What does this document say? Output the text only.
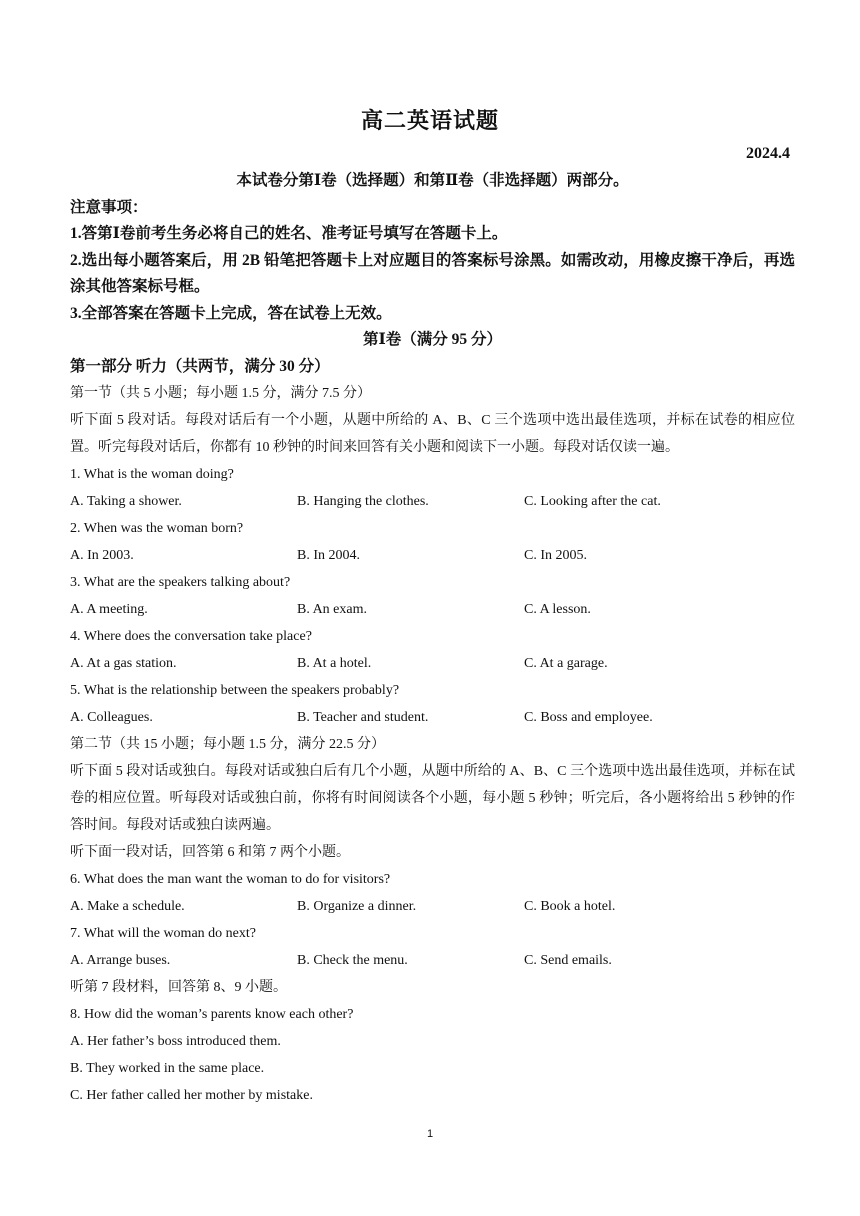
高二英语试题
2024.4
本试卷分第Ⅰ卷（选择题）和第Ⅱ卷（非选择题）两部分。
注意事项：
1.答第Ⅰ卷前考生务必将自己的姓名、准考证号填写在答题卡上。
2.选出每小题答案后，用 2B 铅笔把答题卡上对应题目的答案标号涂黑。如需改动，用橡皮擦干净后，再选涂其他答案标号框。
3.全部答案在答题卡上完成，答在试卷上无效。
第Ⅰ卷（满分 95 分）
第一部分 听力（共两节，满分 30 分）
第一节（共 5 小题；每小题 1.5 分，满分 7.5 分）
听下面 5 段对话。每段对话后有一个小题，从题中所给的 A、B、C 三个选项中选出最佳选项，并标在试卷的相应位置。听完每段对话后，你都有 10 秒钟的时间来回答有关小题和阅读下一小题。每段对话仅读一遍。
1. What is the woman doing?
A. Taking a shower.	B. Hanging the clothes.	C. Looking after the cat.
2. When was the woman born?
A. In 2003.	B. In 2004.	C. In 2005.
3. What are the speakers talking about?
A. A meeting.	B. An exam.	C. A lesson.
4. Where does the conversation take place?
A. At a gas station.	B. At a hotel.	C. At a garage.
5. What is the relationship between the speakers probably?
A. Colleagues.	B. Teacher and student.	C. Boss and employee.
第二节（共 15 小题；每小题 1.5 分，满分 22.5 分）
听下面 5 段对话或独白。每段对话或独白后有几个小题，从题中所给的 A、B、C 三个选项中选出最佳选项，并标在试卷的相应位置。听每段对话或独白前，你将有时间阅读各个小题，每小题 5 秒钟；听完后，各小题将给出 5 秒钟的作答时间。每段对话或独白读两遍。
听下面一段对话，回答第 6 和第 7 两个小题。
6. What does the man want the woman to do for visitors?
A. Make a schedule.	B. Organize a dinner.	C. Book a hotel.
7. What will the woman do next?
A. Arrange buses.	B. Check the menu.	C. Send emails.
听第 7 段材料，回答第 8、9 小题。
8. How did the woman’s parents know each other?
A. Her father’s boss introduced them.
B. They worked in the same place.
C. Her father called her mother by mistake.
1
